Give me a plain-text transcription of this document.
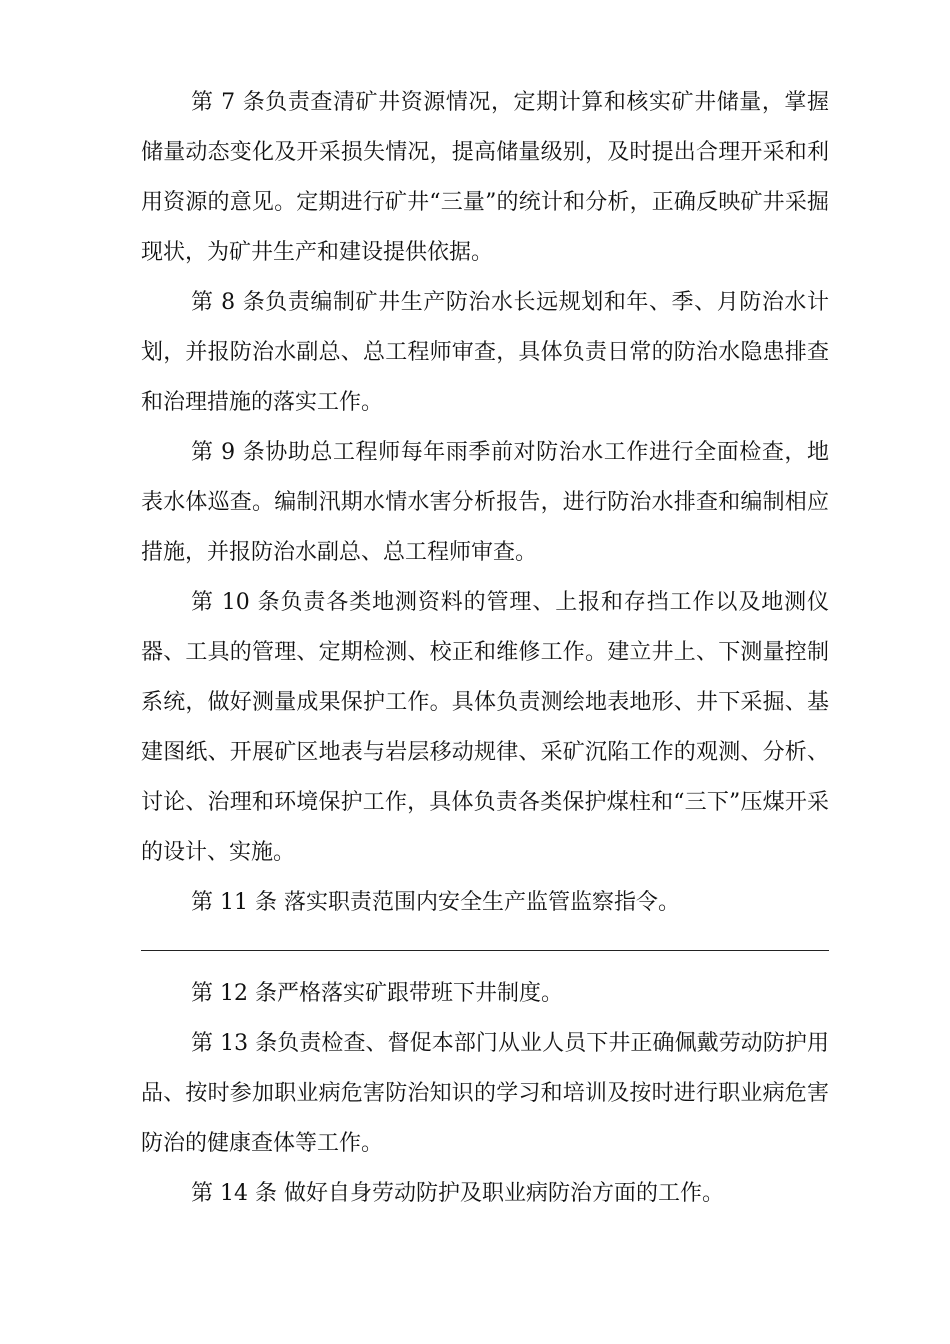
第 7 条负责查清矿井资源情况，定期计算和核实矿井储量，掌握储量动态变化及开采损失情况，提高储量级别，及时提出合理开采和利用资源的意见。定期进行矿井“三量”的统计和分析，正确反映矿井采掘现状，为矿井生产和建设提供依据。

第 8 条负责编制矿井生产防治水长远规划和年、季、月防治水计划，并报防治水副总、总工程师审查，具体负责日常的防治水隐患排查和治理措施的落实工作。

第 9 条协助总工程师每年雨季前对防治水工作进行全面检查，地表水体巡查。编制汛期水情水害分析报告，进行防治水排查和编制相应措施，并报防治水副总、总工程师审查。

第 10 条负责各类地测资料的管理、上报和存挡工作以及地测仪器、工具的管理、定期检测、校正和维修工作。建立井上、下测量控制系统，做好测量成果保护工作。具体负责测绘地表地形、井下采掘、基建图纸、开展矿区地表与岩层移动规律、采矿沉陷工作的观测、分析、讨论、治理和环境保护工作，具体负责各类保护煤柱和“三下”压煤开采的设计、实施。

第 11 条 落实职责范围内安全生产监管监察指令。

第 12 条严格落实矿跟带班下井制度。

第 13 条负责检查、督促本部门从业人员下井正确佩戴劳动防护用品、按时参加职业病危害防治知识的学习和培训及按时进行职业病危害防治的健康查体等工作。

第 14 条 做好自身劳动防护及职业病防治方面的工作。
